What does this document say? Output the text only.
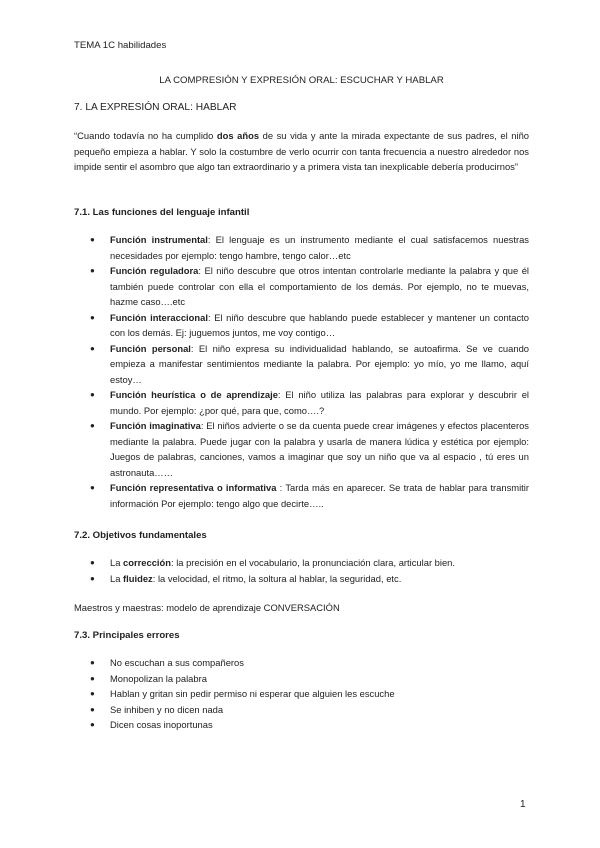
TEMA 1C habilidades
LA COMPRESIÓN Y EXPRESIÓN ORAL: ESCUCHAR Y HABLAR
7. LA EXPRESIÓN ORAL: HABLAR
“Cuando todavía no ha cumplido dos años de su vida y ante la mirada expectante de sus padres, el niño pequeño empieza a hablar. Y solo la costumbre de verlo ocurrir con tanta frecuencia a nuestro alrededor nos impide sentir el asombro que algo tan extraordinario y a primera vista tan inexplicable debería producirnos”
7.1. Las funciones del lenguaje infantil
● Función instrumental: El lenguaje es un instrumento mediante el cual satisfacemos nuestras necesidades por ejemplo: tengo hambre, tengo calor…etc
● Función reguladora: El niño descubre que otros intentan controlarle mediante la palabra y que él también puede controlar con ella el comportamiento de los demás. Por ejemplo, no te muevas, hazme caso….etc
● Función interaccional: El niño descubre que hablando puede establecer y mantener un contacto con los demás. Ej: juguemos juntos, me voy contigo…
● Función personal: El niño expresa su individualidad hablando, se autoafirma. Se ve cuando empieza a manifestar sentimientos mediante la palabra. Por ejemplo: yo mío, yo me llamo, aquí estoy…
● Función heurística o de aprendizaje: El niño utiliza las palabras para explorar y descubrir el mundo. Por ejemplo: ¿por qué, para que, como….?
● Función imaginativa: El niños advierte o se da cuenta puede crear imágenes y efectos placenteros mediante la palabra. Puede jugar con la palabra y usarla de manera lúdica y estética por ejemplo: Juegos de palabras, canciones, vamos a imaginar que soy un niño que va al espacio , tú eres un astronauta……
● Función representativa o informativa : Tarda más en aparecer. Se trata de hablar para transmitir información Por ejemplo: tengo algo que decirte…..
7.2. Objetivos fundamentales
● La corrección: la precisión en el vocabulario, la pronunciación clara, articular bien.
● La fluidez: la velocidad, el ritmo, la soltura al hablar, la seguridad, etc.
Maestros y maestras: modelo de aprendizaje CONVERSACIÓN
7.3. Principales errores
● No escuchan a sus compañeros
● Monopolizan la palabra
● Hablan y gritan sin pedir permiso ni esperar que alguien les escuche
● Se inhiben y no dicen nada
● Dicen cosas inoportunas
1
